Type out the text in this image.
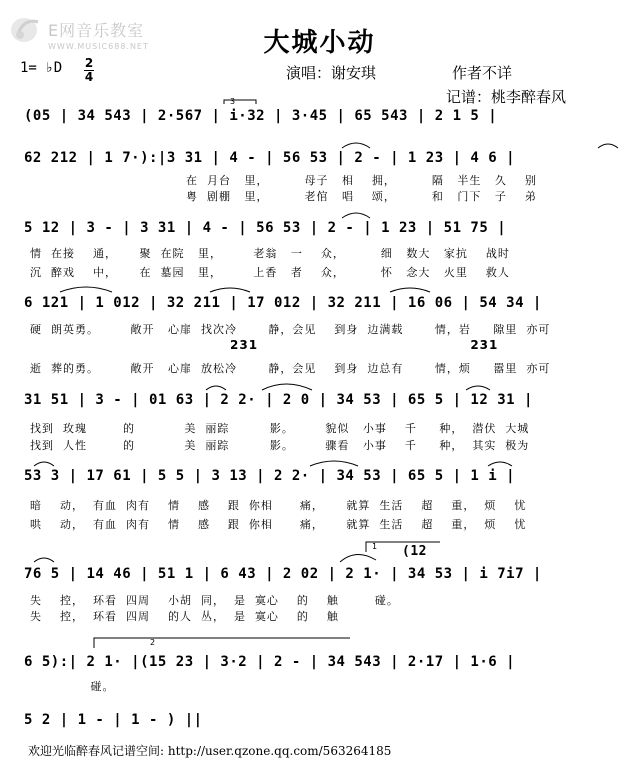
E网音乐教室
WWW.MUSIC688.NET	大城小动
演唱：谢安琪	作者不详
记谱：桃李醉春风
1= ♭D 2
4
(05 | 34 543 | 2·567 | i·32 | 3·45 | 65 543 | 2 1 5 |
62 212 | 1 7·):|3 31 | 4 - | 56 53 | 2 - | 1 23 | 4 6 |
在  月台   里，        母子   相    拥，        隔   半生   久    别
粤  剧棚   里，        老倌   唱    颂，        和   门下   子    弟
5 12 | 3 - | 3 31 | 4 - | 56 53 | 2 - | 1 23 | 51 75 |
情  在接    通，     聚  在院   里，       老翁   一    众，        细   数大   家抗    战时
沉  醉戏    中，     在  墓园   里，       上香   者    众，        怀   念大   火里    救人
6 121 | 1 012 | 32 211 | 17 012 | 32 211 | 16 06 | 54 34 |
硬  朗英勇。       敞开   心扉  找次冷       静，会见    到身  边满载       情，岩     隙里  亦可
231                                         231
逝  葬的勇。       敞开   心扉  放松冷       静，会见    到身  边总有       情，烦     嚣里  亦可
31 51 | 3 - | 01 63 | 2 2· | 2 0 | 34 53 | 65 5 | 12 31 |
找到  玫瑰        的           美  丽踪         影。       貌似   小事    千     种，  潜伏  大城
找到  人性        的           美  丽踪         影。       骤看   小事    千     种，  其实  极为
53 3 | 17 61 | 5 5 | 3 13 | 2 2· | 34 53 | 65 5 | 1 i |
暗    动，  有血  肉有    情    感    跟  你相      痛，     就算  生活    超    重，  烦    忧
哄    动，  有血  肉有    情    感    跟  你相      痛，     就算  生活    超    重，  烦    忧
(12
76 5 | 14 46 | 51 1 | 6 43 | 2 02 | 2 1· | 34 53 | i 7i7 |
失    控，  环看  四周    小胡  同，  是  寞心    的    触        碰。
失    控，  环看  四周    的人  丛，  是  寞心    的    触
6 5):| 2 1· |(15 23 | 3·2 | 2 - | 34 543 | 2·17 | 1·6 |
碰。
5 2 | 1 - | 1 - ) ||
欢迎光临醉春风记谱空间: http://user.qzone.qq.com/563264185
3
1
2
